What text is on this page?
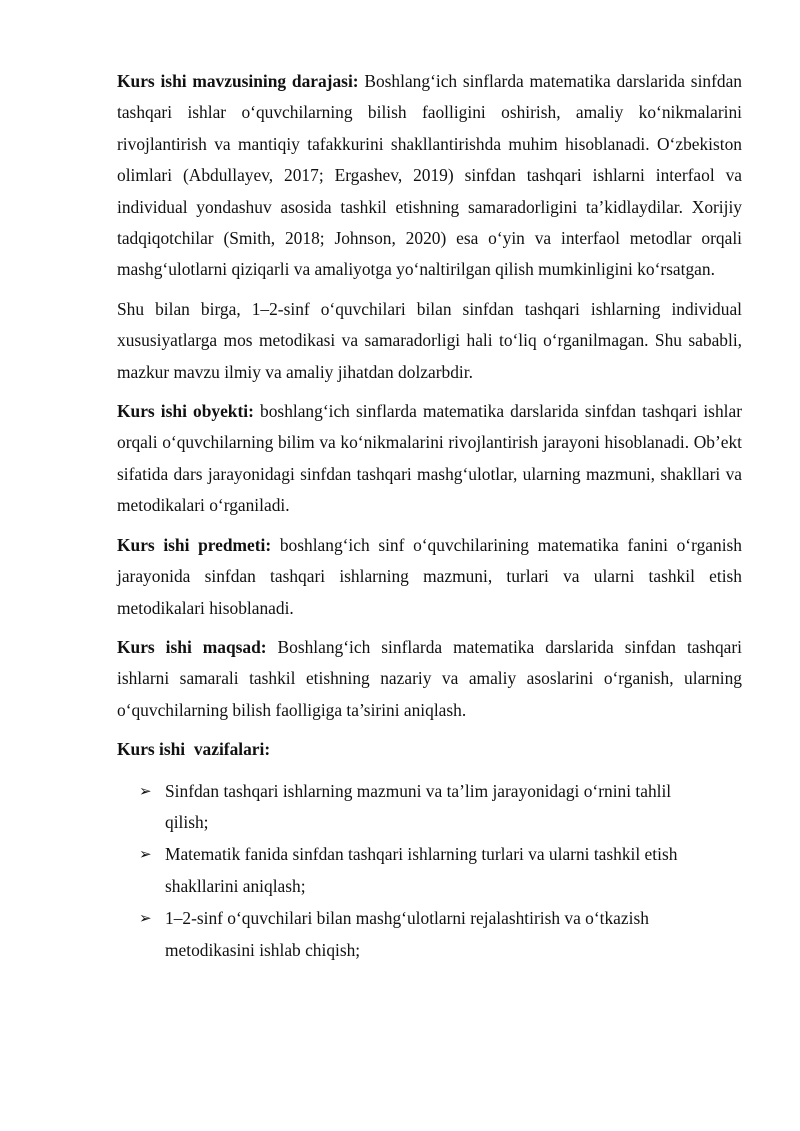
Kurs ishi mavzusining darajasi: Boshlang‘ich sinflarda matematika darslarida sinfdan tashqari ishlar o‘quvchilarning bilish faolligini oshirish, amaliy ko‘nikmalarini rivojlantirish va mantiqiy tafakkurini shakllantirishda muhim hisoblanadi. O‘zbekiston olimlari (Abdullayev, 2017; Ergashev, 2019) sinfdan tashqari ishlarni interfaol va individual yondashuv asosida tashkil etishning samaradorligini ta’kidlaydilar. Xorijiy tadqiqotchilar (Smith, 2018; Johnson, 2020) esa o‘yin va interfaol metodlar orqali mashg‘ulotlarni qiziqarli va amaliyotga yo‘naltirilgan qilish mumkinligini ko‘rsatgan.

Shu bilan birga, 1–2-sinf o‘quvchilari bilan sinfdan tashqari ishlarning individual xususiyatlarga mos metodikasi va samaradorligi hali to‘liq o‘rganilmagan. Shu sababli, mazkur mavzu ilmiy va amaliy jihatdan dolzarbdir.

Kurs ishi obyekti: boshlang‘ich sinflarda matematika darslarida sinfdan tashqari ishlar orqali o‘quvchilarning bilim va ko‘nikmalarini rivojlantirish jarayoni hisoblanadi. Ob’ekt sifatida dars jarayonidagi sinfdan tashqari mashg‘ulotlar, ularning mazmuni, shakllari va metodikalari o‘rganiladi.

Kurs ishi predmeti: boshlang‘ich sinf o‘quvchilarining matematika fanini o‘rganish jarayonida sinfdan tashqari ishlarning mazmuni, turlari va ularni tashkil etish metodikalari hisoblanadi.

Kurs ishi maqsad: Boshlang‘ich sinflarda matematika darslarida sinfdan tashqari ishlarni samarali tashkil etishning nazariy va amaliy asoslarini o‘rganish, ularning o‘quvchilarning bilish faolligiga ta’sirini aniqlash.

Kurs ishi  vazifalari:

➢ Sinfdan tashqari ishlarning mazmuni va ta’lim jarayonidagi o‘rnini tahlil qilish;
➢ Matematik fanida sinfdan tashqari ishlarning turlari va ularni tashkil etish shakllarini aniqlash;
➢ 1–2-sinf o‘quvchilari bilan mashg‘ulotlarni rejalashtirish va o‘tkazish metodikasini ishlab chiqish;
